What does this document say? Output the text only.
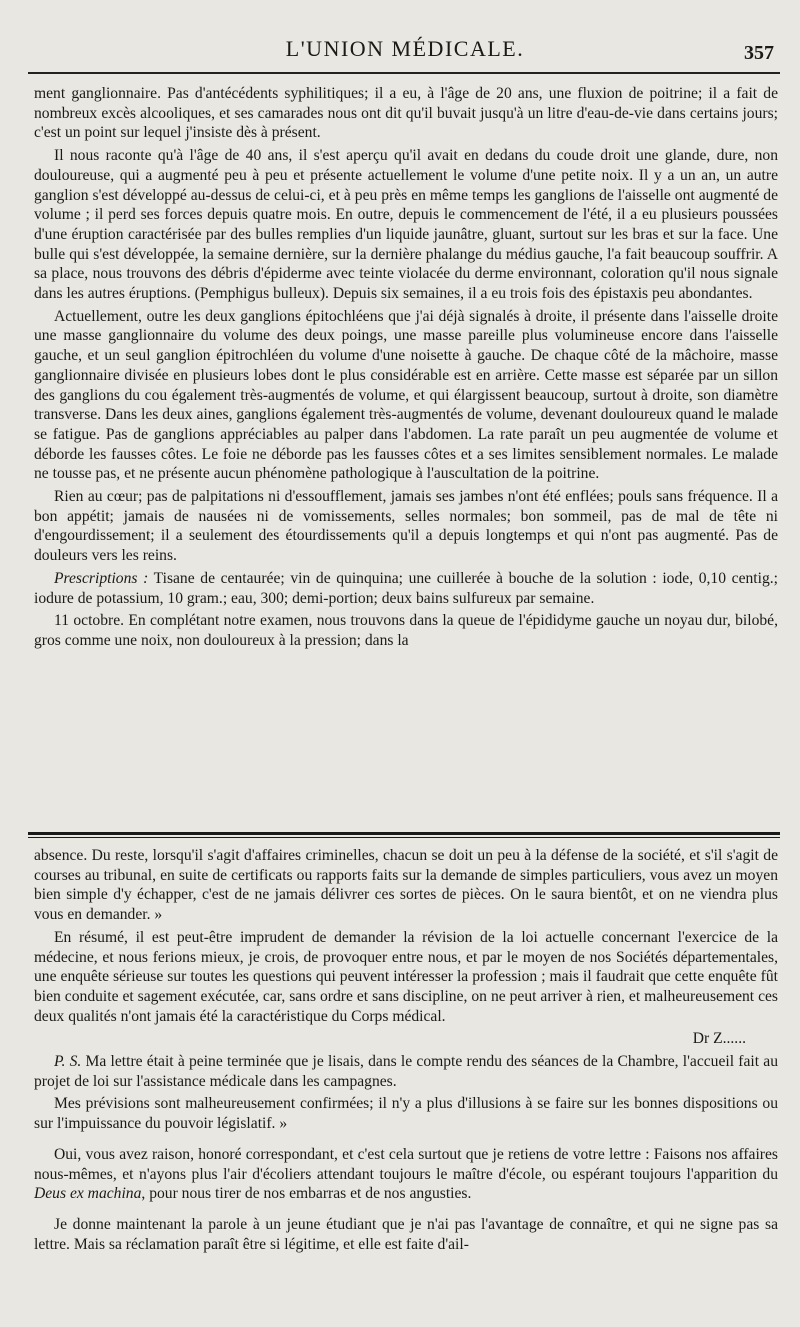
L'UNION MÉDICALE.	357

ment ganglionnaire. Pas d'antécédents syphilitiques; il a eu, à l'âge de 20 ans, une fluxion de poitrine; il a fait de nombreux excès alcooliques, et ses camarades nous ont dit qu'il buvait jusqu'à un litre d'eau-de-vie dans certains jours; c'est un point sur lequel j'insiste dès à présent.

Il nous raconte qu'à l'âge de 40 ans, il s'est aperçu qu'il avait en dedans du coude droit une glande, dure, non douloureuse, qui a augmenté peu à peu et présente actuellement le volume d'une petite noix. Il y a un an, un autre ganglion s'est développé au-dessus de celui-ci, et à peu près en même temps les ganglions de l'aisselle ont augmenté de volume ; il perd ses forces depuis quatre mois. En outre, depuis le commencement de l'été, il a eu plusieurs poussées d'une éruption caractérisée par des bulles remplies d'un liquide jaunâtre, gluant, surtout sur les bras et sur la face. Une bulle qui s'est développée, la semaine dernière, sur la dernière phalange du médius gauche, l'a fait beaucoup souffrir. A sa place, nous trouvons des débris d'épiderme avec teinte violacée du derme environnant, coloration qu'il nous signale dans les autres éruptions. (Pemphigus bulleux). Depuis six semaines, il a eu trois fois des épistaxis peu abondantes.

Actuellement, outre les deux ganglions épitochléens que j'ai déjà signalés à droite, il présente dans l'aisselle droite une masse ganglionnaire du volume des deux poings, une masse pareille plus volumineuse encore dans l'aisselle gauche, et un seul ganglion épitrochléen du volume d'une noisette à gauche. De chaque côté de la mâchoire, masse ganglionnaire divisée en plusieurs lobes dont le plus considérable est en arrière. Cette masse est séparée par un sillon des ganglions du cou également très-augmentés de volume, et qui élargissent beaucoup, surtout à droite, son diamètre transverse. Dans les deux aines, ganglions également très-augmentés de volume, devenant douloureux quand le malade se fatigue. Pas de ganglions appréciables au palper dans l'abdomen. La rate paraît un peu augmentée de volume et déborde les fausses côtes. Le foie ne déborde pas les fausses côtes et a ses limites sensiblement normales. Le malade ne tousse pas, et ne présente aucun phénomène pathologique à l'auscultation de la poitrine.

Rien au cœur; pas de palpitations ni d'essoufflement, jamais ses jambes n'ont été enflées; pouls sans fréquence. Il a bon appétit; jamais de nausées ni de vomissements, selles normales; bon sommeil, pas de mal de tête ni d'engourdissement; il a seulement des étourdissements qu'il a depuis longtemps et qui n'ont pas augmenté. Pas de douleurs vers les reins.

Prescriptions : Tisane de centaurée; vin de quinquina; une cuillerée à bouche de la solution : iode, 0,10 centig.; iodure de potassium, 10 gram.; eau, 300; demi-portion; deux bains sulfureux par semaine.

11 octobre. En complétant notre examen, nous trouvons dans la queue de l'épididyme gauche un noyau dur, bilobé, gros comme une noix, non douloureux à la pression; dans la

absence. Du reste, lorsqu'il s'agit d'affaires criminelles, chacun se doit un peu à la défense de la société, et s'il s'agit de courses au tribunal, en suite de certificats ou rapports faits sur la demande de simples particuliers, vous avez un moyen bien simple d'y échapper, c'est de ne jamais délivrer ces sortes de pièces. On le saura bientôt, et on ne viendra plus vous en demander. »

En résumé, il est peut-être imprudent de demander la révision de la loi actuelle concernant l'exercice de la médecine, et nous ferions mieux, je crois, de provoquer entre nous, et par le moyen de nos Sociétés départementales, une enquête sérieuse sur toutes les questions qui peuvent intéresser la profession ; mais il faudrait que cette enquête fût bien conduite et sagement exécutée, car, sans ordre et sans discipline, on ne peut arriver à rien, et malheureusement ces deux qualités n'ont jamais été la caractéristique du Corps médical.

Dr Z......

P. S. Ma lettre était à peine terminée que je lisais, dans le compte rendu des séances de la Chambre, l'accueil fait au projet de loi sur l'assistance médicale dans les campagnes.

Mes prévisions sont malheureusement confirmées; il n'y a plus d'illusions à se faire sur les bonnes dispositions ou sur l'impuissance du pouvoir législatif. »

Oui, vous avez raison, honoré correspondant, et c'est cela surtout que je retiens de votre lettre : Faisons nos affaires nous-mêmes, et n'ayons plus l'air d'écoliers attendant toujours le maître d'école, ou espérant toujours l'apparition du Deus ex machina, pour nous tirer de nos embarras et de nos angusties.

Je donne maintenant la parole à un jeune étudiant que je n'ai pas l'avantage de connaître, et qui ne signe pas sa lettre. Mais sa réclamation paraît être si légitime, et elle est faite d'ail-
